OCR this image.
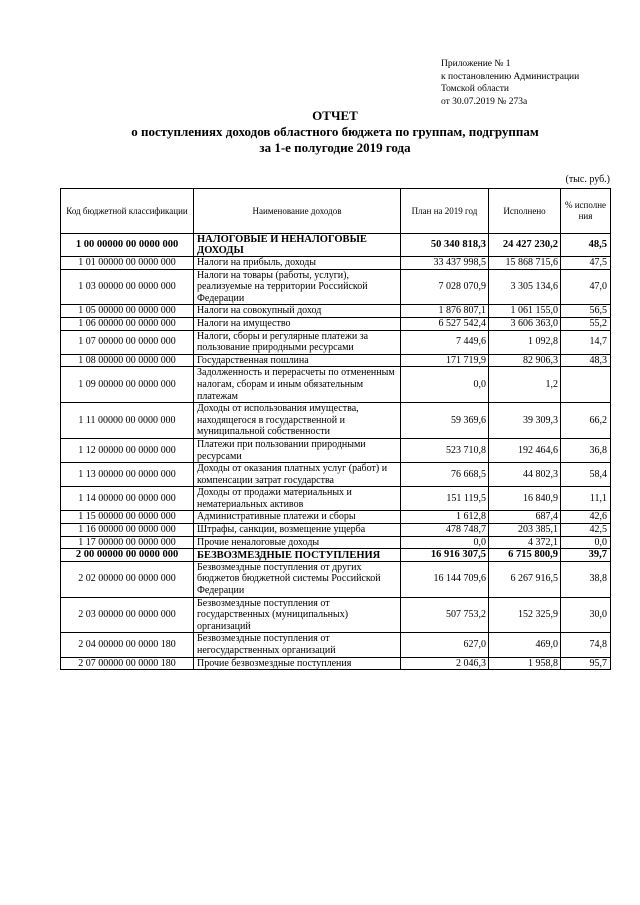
Приложение № 1
к постановлению Администрации
Томской области
от 30.07.2019 № 273а
ОТЧЕТ
о поступлениях доходов областного бюджета по группам, подгруппам
за 1-е полугодие 2019 года
(тыс. руб.)
Код бюджетной классификации	Наименование доходов	План на 2019 год	Исполнено	% исполне ния
1 00 00000 00 0000 000	НАЛОГОВЫЕ И НЕНАЛОГОВЫЕ ДОХОДЫ	50 340 818,3	24 427 230,2	48,5
1 01 00000 00 0000 000	Налоги на прибыль, доходы	33 437 998,5	15 868 715,6	47,5
1 03 00000 00 0000 000	Налоги на товары (работы, услуги), реализуемые на территории Российской Федерации	7 028 070,9	3 305 134,6	47,0
1 05 00000 00 0000 000	Налоги на совокупный доход	1 876 807,1	1 061 155,0	56,5
1 06 00000 00 0000 000	Налоги на имущество	6 527 542,4	3 606 363,0	55,2
1 07 00000 00 0000 000	Налоги, сборы и регулярные платежи за пользование природными ресурсами	7 449,6	1 092,8	14,7
1 08 00000 00 0000 000	Государственная пошлина	171 719,9	82 906,3	48,3
1 09 00000 00 0000 000	Задолженность и перерасчеты по отмененным налогам, сборам и иным обязательным платежам	0,0	1,2	
1 11 00000 00 0000 000	Доходы от использования имущества, находящегося в государственной и муниципальной собственности	59 369,6	39 309,3	66,2
1 12 00000 00 0000 000	Платежи при пользовании природными ресурсами	523 710,8	192 464,6	36,8
1 13 00000 00 0000 000	Доходы от оказания платных услуг (работ) и компенсации затрат государства	76 668,5	44 802,3	58,4
1 14 00000 00 0000 000	Доходы от продажи материальных и нематериальных активов	151 119,5	16 840,9	11,1
1 15 00000 00 0000 000	Административные платежи и сборы	1 612,8	687,4	42,6
1 16 00000 00 0000 000	Штрафы, санкции, возмещение ущерба	478 748,7	203 385,1	42,5
1 17 00000 00 0000 000	Прочие неналоговые доходы	0,0	4 372,1	0,0
2 00 00000 00 0000 000	БЕЗВОЗМЕЗДНЫЕ ПОСТУПЛЕНИЯ	16 916 307,5	6 715 800,9	39,7
2 02 00000 00 0000 000	Безвозмездные поступления от других бюджетов бюджетной системы Российской Федерации	16 144 709,6	6 267 916,5	38,8
2 03 00000 00 0000 000	Безвозмездные поступления от государственных (муниципальных) организаций	507 753,2	152 325,9	30,0
2 04 00000 00 0000 180	Безвозмездные поступления от негосударственных организаций	627,0	469,0	74,8
2 07 00000 00 0000 180	Прочие безвозмездные поступления	2 046,3	1 958,8	95,7
